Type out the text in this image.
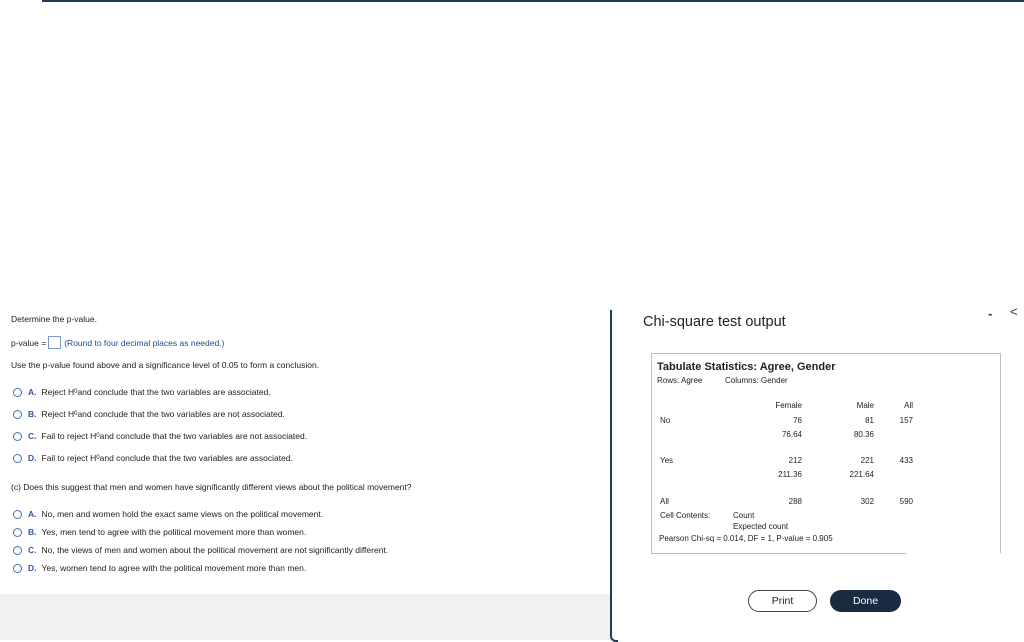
Determine the p-value.
p-value = (Round to four decimal places as needed.)
Use the p-value found above and a significance level of 0.05 to form a conclusion.
A. Reject H 0 and conclude that the two variables are associated.
B. Reject H 0 and conclude that the two variables are not associated.
C. Fail to reject H 0 and conclude that the two variables are not associated.
D. Fail to reject H 0 and conclude that the two variables are associated.
(c) Does this suggest that men and women have significantly different views about the political movement?
A. No, men and women hold the exact same views on the political movement.
B. Yes, men tend to agree with the political movement more than women.
C. No, the views of men and women about the political movement are not significantly different.
D. Yes, women tend to agree with the political movement more than men.
Chi-square test output
- <
Tabulate Statistics: Agree, Gender
Rows: Agree	Columns: Gender
Female	Male	All
No	76	81	157
76.64	80.36
Yes	212	221	433
211.36	221.64
All	288	302	590
Cell Contents:	Count
Expected count
Pearson Chi-sq = 0.014, DF = 1, P-value = 0.905
Print	Done
